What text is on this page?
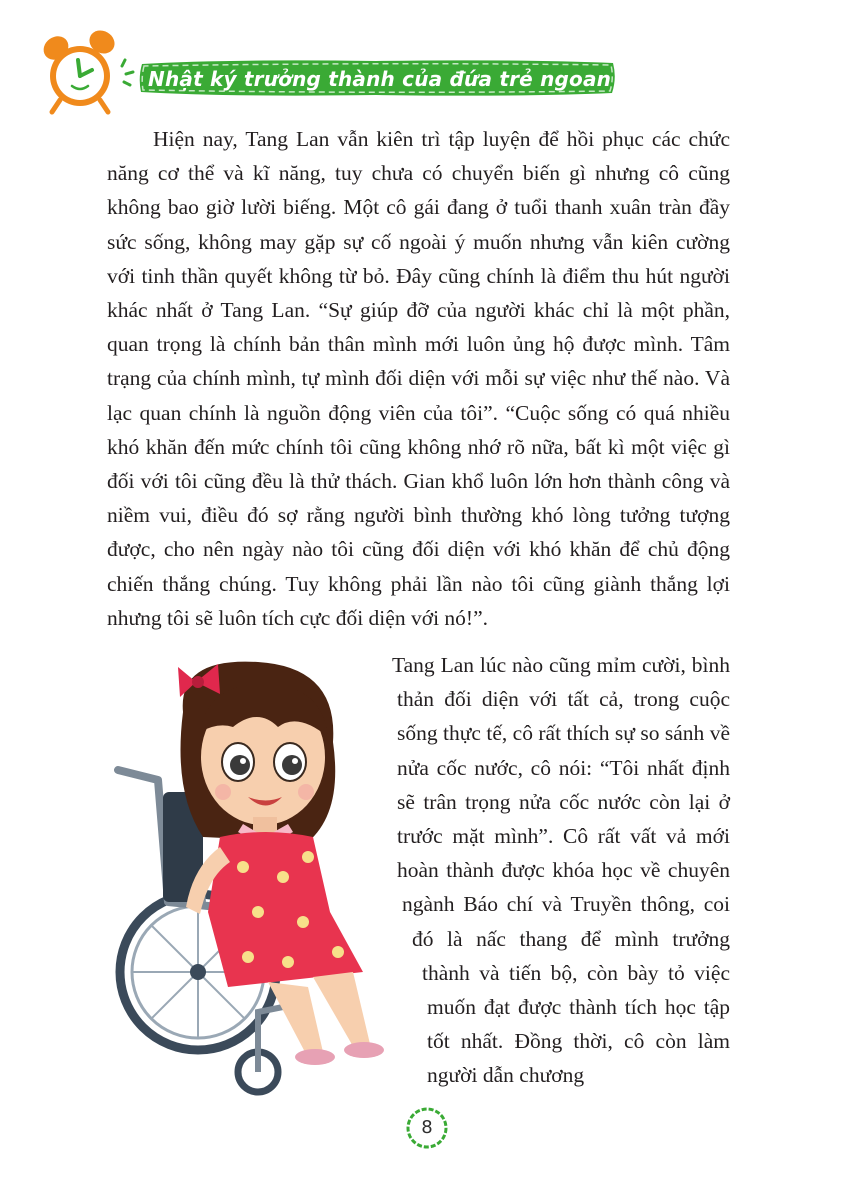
Nhật ký trưởng thành của đứa trẻ ngoan

Hiện nay, Tang Lan vẫn kiên trì tập luyện để hồi phục các chức năng cơ thể và kĩ năng, tuy chưa có chuyển biến gì nhưng cô cũng không bao giờ lười biếng. Một cô gái đang ở tuổi thanh xuân tràn đầy sức sống, không may gặp sự cố ngoài ý muốn nhưng vẫn kiên cường với tinh thần quyết không từ bỏ. Đây cũng chính là điểm thu hút người khác nhất ở Tang Lan. “Sự giúp đỡ của người khác chỉ là một phần, quan trọng là chính bản thân mình mới luôn ủng hộ được mình. Tâm trạng của chính mình, tự mình đối diện với mỗi sự việc như thế nào. Và lạc quan chính là nguồn động viên của tôi”. “Cuộc sống có quá nhiều khó khăn đến mức chính tôi cũng không nhớ rõ nữa, bất kì một việc gì đối với tôi cũng đều là thử thách. Gian khổ luôn lớn hơn thành công và niềm vui, điều đó sợ rằng người bình thường khó lòng tưởng tượng được, cho nên ngày nào tôi cũng đối diện với khó khăn để chủ động chiến thắng chúng. Tuy không phải lần nào tôi cũng giành thắng lợi nhưng tôi sẽ luôn tích cực đối diện với nó!”.

Tang Lan lúc nào cũng mỉm cười, bình thản đối diện với tất cả, trong cuộc sống thực tế, cô rất thích sự so sánh về nửa cốc nước, cô nói: “Tôi nhất định sẽ trân trọng nửa cốc nước còn lại ở trước mặt mình”. Cô rất vất vả mới hoàn thành được khóa học về chuyên ngành Báo chí và Truyền thông, coi đó là nấc thang để mình trưởng thành và tiến bộ, còn bày tỏ việc muốn đạt được thành tích học tập tốt nhất. Đồng thời, cô còn làm người dẫn chương

8
